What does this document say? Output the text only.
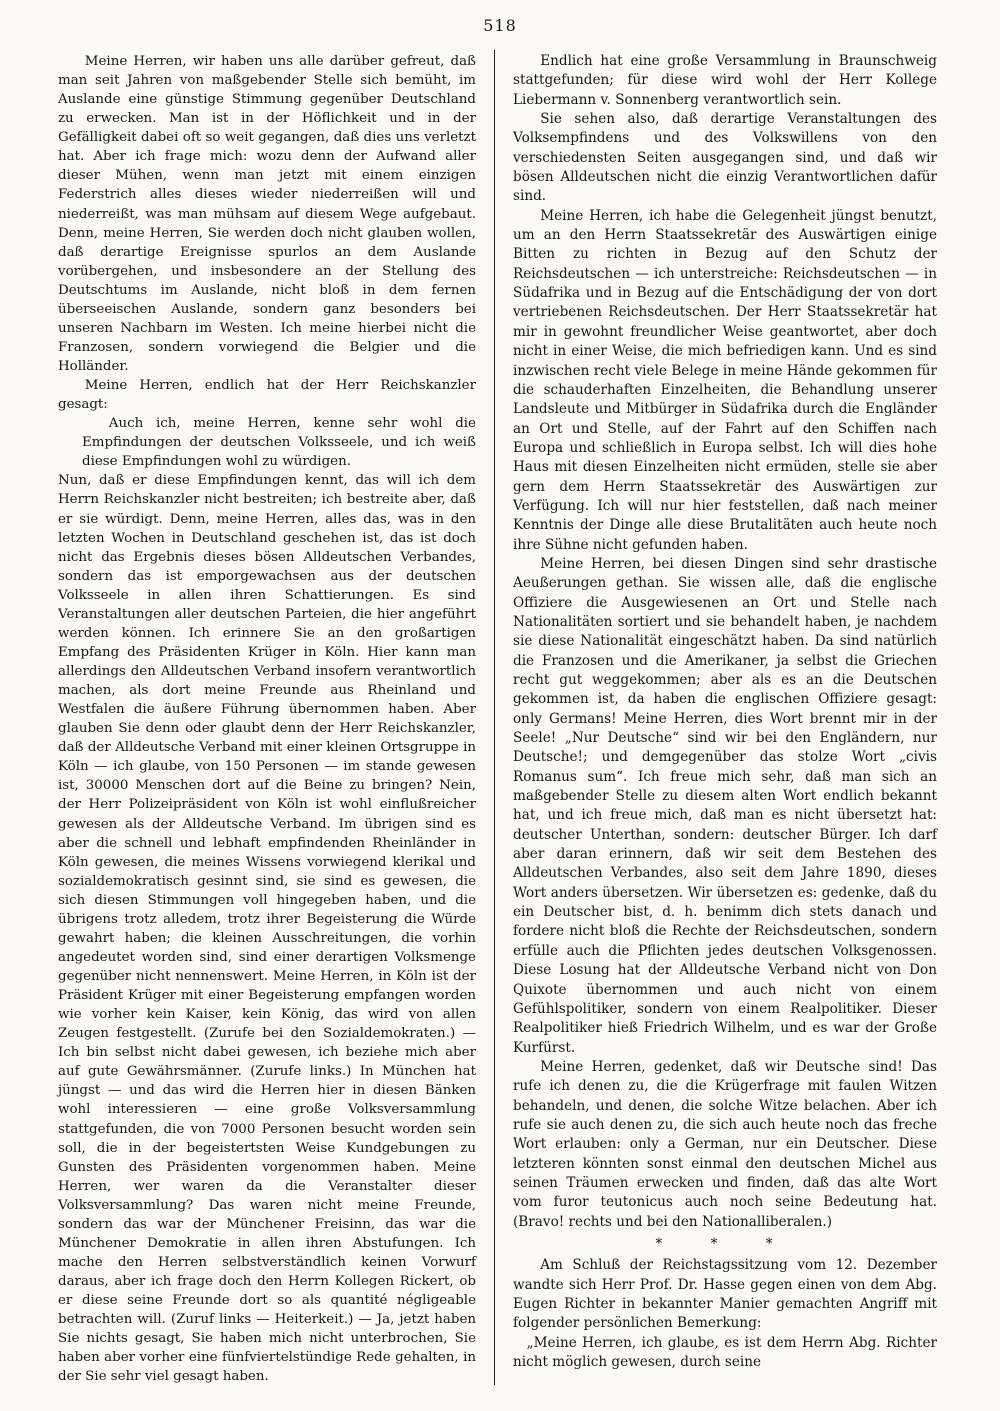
518

Meine Herren, wir haben uns alle darüber gefreut, daß man seit Jahren von maßgebender Stelle sich bemüht, im Auslande eine günstige Stimmung gegenüber Deutschland zu erwecken. Man ist in der Höflichkeit und in der Gefälligkeit dabei oft so weit gegangen, daß dies uns verletzt hat. Aber ich frage mich: wozu denn der Aufwand aller dieser Mühen, wenn man jetzt mit einem einzigen Federstrich alles dieses wieder niederreißen will und niederreißt, was man mühsam auf diesem Wege aufgebaut. Denn, meine Herren, Sie werden doch nicht glauben wollen, daß derartige Ereignisse spurlos an dem Auslande vorübergehen, und insbesondere an der Stellung des Deutschtums im Auslande, nicht bloß in dem fernen überseeischen Auslande, sondern ganz besonders bei unseren Nachbarn im Westen. Ich meine hierbei nicht die Franzosen, sondern vorwiegend die Belgier und die Holländer.

Meine Herren, endlich hat der Herr Reichskanzler gesagt:

Auch ich, meine Herren, kenne sehr wohl die Empfindungen der deutschen Volksseele, und ich weiß diese Empfindungen wohl zu würdigen.

Nun, daß er diese Empfindungen kennt, das will ich dem Herrn Reichskanzler nicht bestreiten; ich bestreite aber, daß er sie würdigt. Denn, meine Herren, alles das, was in den letzten Wochen in Deutschland geschehen ist, das ist doch nicht das Ergebnis dieses bösen Alldeutschen Verbandes, sondern das ist emporgewachsen aus der deutschen Volksseele in allen ihren Schattierungen. Es sind Veranstaltungen aller deutschen Parteien, die hier angeführt werden können. Ich erinnere Sie an den großartigen Empfang des Präsidenten Krüger in Köln. Hier kann man allerdings den Alldeutschen Verband insofern verantwortlich machen, als dort meine Freunde aus Rheinland und Westfalen die äußere Führung übernommen haben. Aber glauben Sie denn oder glaubt denn der Herr Reichskanzler, daß der Alldeutsche Verband mit einer kleinen Ortsgruppe in Köln — ich glaube, von 150 Personen — im stande gewesen ist, 30000 Menschen dort auf die Beine zu bringen? Nein, der Herr Polizeipräsident von Köln ist wohl einflußreicher gewesen als der Alldeutsche Verband. Im übrigen sind es aber die schnell und lebhaft empfindenden Rheinländer in Köln gewesen, die meines Wissens vorwiegend klerikal und sozialdemokratisch gesinnt sind, sie sind es gewesen, die sich diesen Stimmungen voll hingegeben haben, und die übrigens trotz alledem, trotz ihrer Begeisterung die Würde gewahrt haben; die kleinen Ausschreitungen, die vorhin angedeutet worden sind, sind einer derartigen Volksmenge gegenüber nicht nennenswert. Meine Herren, in Köln ist der Präsident Krüger mit einer Begeisterung empfangen worden wie vorher kein Kaiser, kein König, das wird von allen Zeugen festgestellt. (Zurufe bei den Sozialdemokraten.) — Ich bin selbst nicht dabei gewesen, ich beziehe mich aber auf gute Gewährsmänner. (Zurufe links.) In München hat jüngst — und das wird die Herren hier in diesen Bänken wohl interessieren — eine große Volksversammlung stattgefunden, die von 7000 Personen besucht worden sein soll, die in der begeistertsten Weise Kundgebungen zu Gunsten des Präsidenten vorgenommen haben. Meine Herren, wer waren da die Veranstalter dieser Volksversammlung? Das waren nicht meine Freunde, sondern das war der Münchener Freisinn, das war die Münchener Demokratie in allen ihren Abstufungen. Ich mache den Herren selbstverständlich keinen Vorwurf daraus, aber ich frage doch den Herrn Kollegen Rickert, ob er diese seine Freunde dort so als quantité négligeable betrachten will. (Zuruf links — Heiterkeit.) — Ja, jetzt haben Sie nichts gesagt, Sie haben mich nicht unterbrochen, Sie haben aber vorher eine fünfviertelstündige Rede gehalten, in der Sie sehr viel gesagt haben.

Endlich hat eine große Versammlung in Braunschweig stattgefunden; für diese wird wohl der Herr Kollege Liebermann v. Sonnenberg verantwortlich sein.

Sie sehen also, daß derartige Veranstaltungen des Volksempfindens und des Volkswillens von den verschiedensten Seiten ausgegangen sind, und daß wir bösen Alldeutschen nicht die einzig Verantwortlichen dafür sind.

Meine Herren, ich habe die Gelegenheit jüngst benutzt, um an den Herrn Staatssekretär des Auswärtigen einige Bitten zu richten in Bezug auf den Schutz der Reichsdeutschen — ich unterstreiche: Reichsdeutschen — in Südafrika und in Bezug auf die Entschädigung der von dort vertriebenen Reichsdeutschen. Der Herr Staatssekretär hat mir in gewohnt freundlicher Weise geantwortet, aber doch nicht in einer Weise, die mich befriedigen kann. Und es sind inzwischen recht viele Belege in meine Hände gekommen für die schauderhaften Einzelheiten, die Behandlung unserer Landsleute und Mitbürger in Südafrika durch die Engländer an Ort und Stelle, auf der Fahrt auf den Schiffen nach Europa und schließlich in Europa selbst. Ich will dies hohe Haus mit diesen Einzelheiten nicht ermüden, stelle sie aber gern dem Herrn Staatssekretär des Auswärtigen zur Verfügung. Ich will nur hier feststellen, daß nach meiner Kenntnis der Dinge alle diese Brutalitäten auch heute noch ihre Sühne nicht gefunden haben.

Meine Herren, bei diesen Dingen sind sehr drastische Aeußerungen gethan. Sie wissen alle, daß die englische Offiziere die Ausgewiesenen an Ort und Stelle nach Nationalitäten sortiert und sie behandelt haben, je nachdem sie diese Nationalität eingeschätzt haben. Da sind natürlich die Franzosen und die Amerikaner, ja selbst die Griechen recht gut weggekommen; aber als es an die Deutschen gekommen ist, da haben die englischen Offiziere gesagt: only Germans! Meine Herren, dies Wort brennt mir in der Seele! „Nur Deutsche“ sind wir bei den Engländern, nur Deutsche!; und demgegenüber das stolze Wort „civis Romanus sum“. Ich freue mich sehr, daß man sich an maßgebender Stelle zu diesem alten Wort endlich bekannt hat, und ich freue mich, daß man es nicht übersetzt hat: deutscher Unterthan, sondern: deutscher Bürger. Ich darf aber daran erinnern, daß wir seit dem Bestehen des Alldeutschen Verbandes, also seit dem Jahre 1890, dieses Wort anders übersetzen. Wir übersetzen es: gedenke, daß du ein Deutscher bist, d. h. benimm dich stets danach und fordere nicht bloß die Rechte der Reichsdeutschen, sondern erfülle auch die Pflichten jedes deutschen Volksgenossen. Diese Losung hat der Alldeutsche Verband nicht von Don Quixote übernommen und auch nicht von einem Gefühlspolitiker, sondern von einem Realpolitiker. Dieser Realpolitiker hieß Friedrich Wilhelm, und es war der Große Kurfürst.

Meine Herren, gedenket, daß wir Deutsche sind! Das rufe ich denen zu, die die Krügerfrage mit faulen Witzen behandeln, und denen, die solche Witze belachen. Aber ich rufe sie auch denen zu, die sich auch heute noch das freche Wort erlauben: only a German, nur ein Deutscher. Diese letzteren könnten sonst einmal den deutschen Michel aus seinen Träumen erwecken und finden, daß das alte Wort vom furor teutonicus auch noch seine Bedeutung hat. (Bravo! rechts und bei den Nationalliberalen.)

* * *

Am Schluß der Reichstagssitzung vom 12. Dezember wandte sich Herr Prof. Dr. Hasse gegen einen von dem Abg. Eugen Richter in bekannter Manier gemachten Angriff mit folgender persönlichen Bemerkung:

„Meine Herren, ich glaube, es ist dem Herrn Abg. Richter nicht möglich gewesen, durch seine
